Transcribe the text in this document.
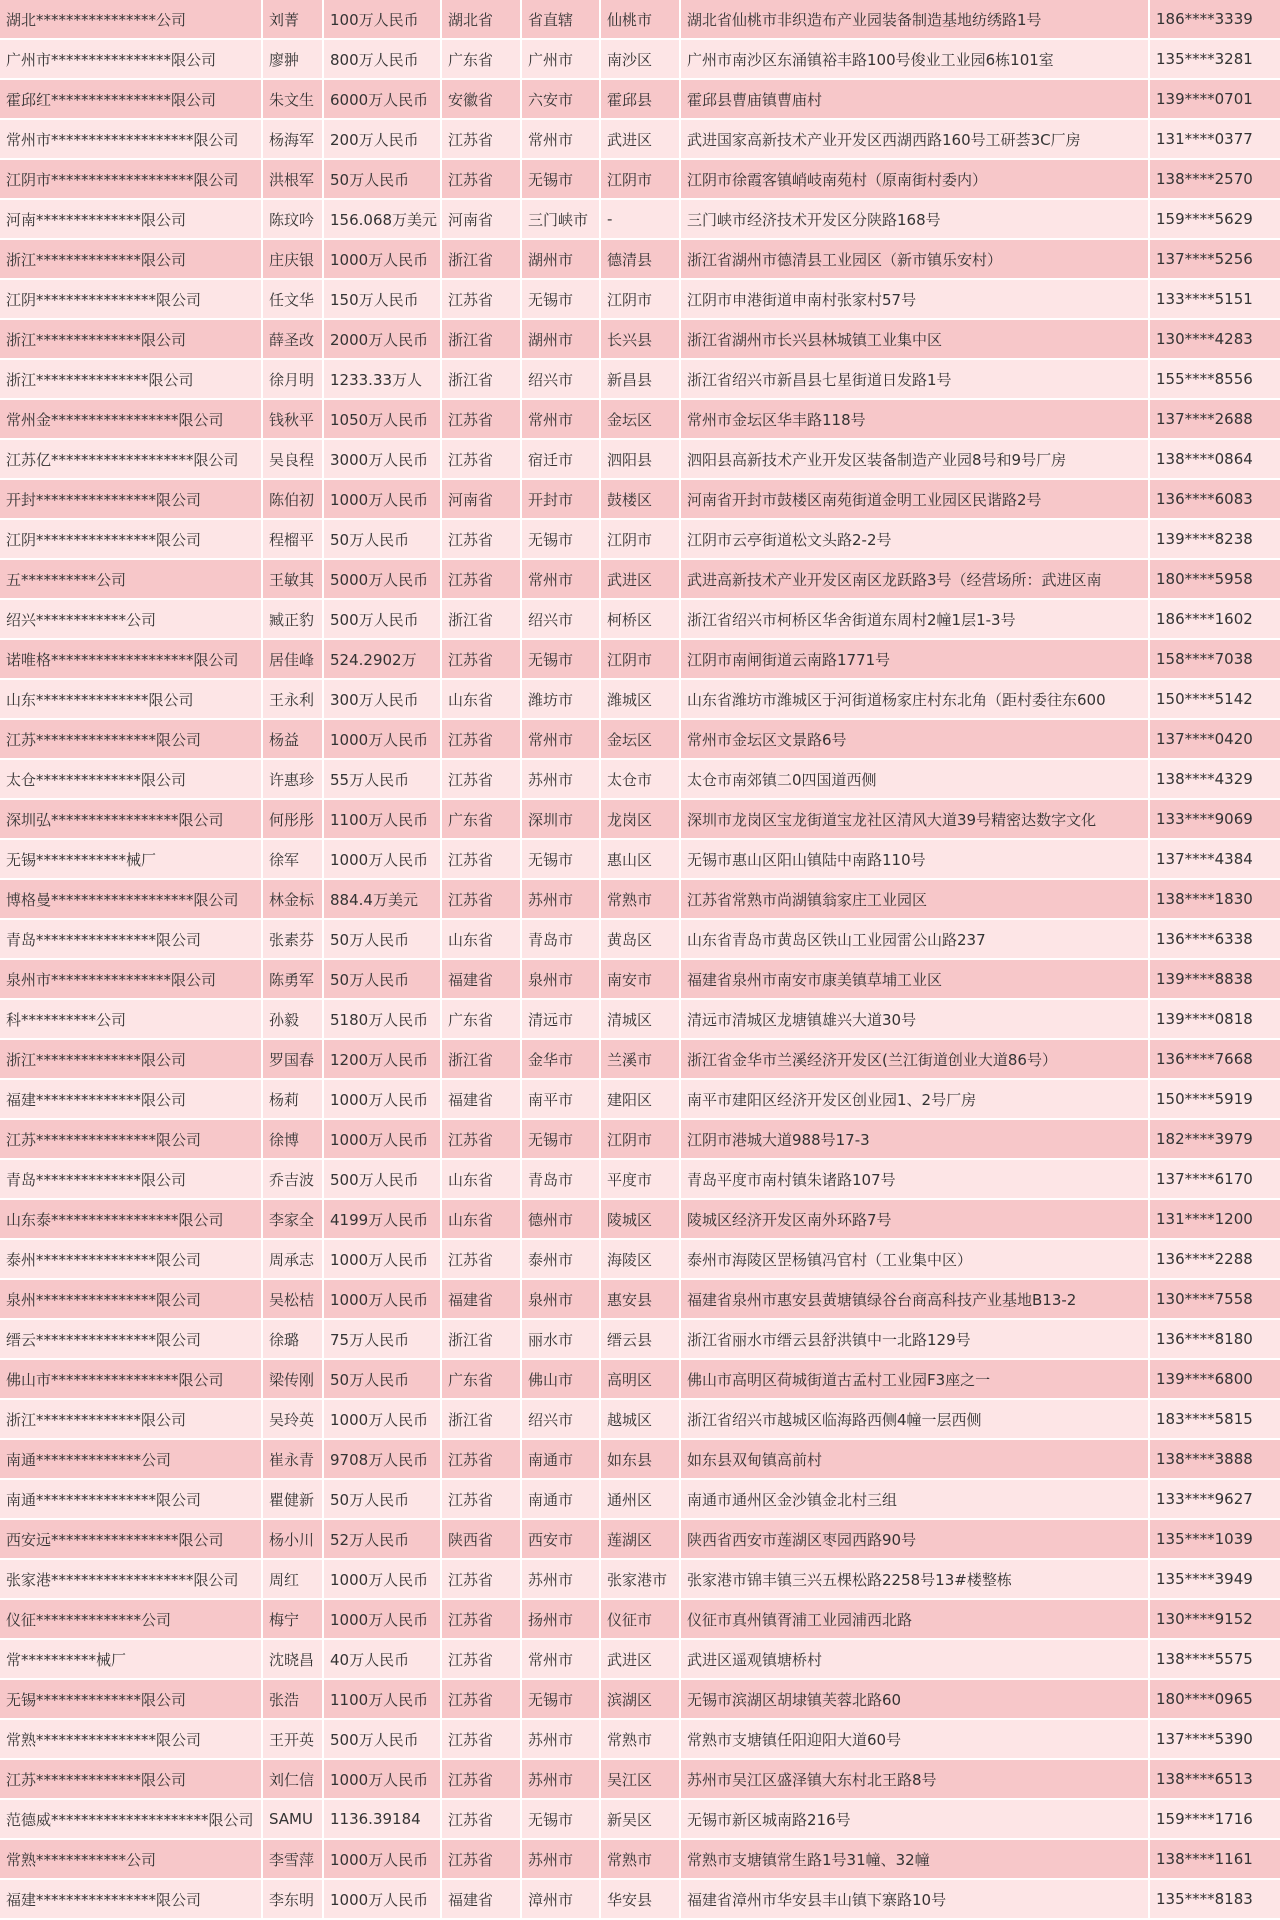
湖北****************公司	刘菁	100万人民币	湖北省	省直辖	仙桃市	湖北省仙桃市非织造布产业园装备制造基地纺绣路1号	186****3339
广州市****************限公司	廖翀	800万人民币	广东省	广州市	南沙区	广州市南沙区东涌镇裕丰路100号俊业工业园6栋101室	135****3281
霍邱红****************限公司	朱文生	6000万人民币	安徽省	六安市	霍邱县	霍邱县曹庙镇曹庙村	139****0701
常州市*******************限公司	杨海军	200万人民币	江苏省	常州市	武进区	武进国家高新技术产业开发区西湖西路160号工研荟3C厂房	131****0377
江阴市*******************限公司	洪根军	50万人民币	江苏省	无锡市	江阴市	江阴市徐霞客镇峭岐南苑村（原南街村委内）	138****2570
河南**************限公司	陈玟吟	156.068万美元	河南省	三门峡市	-	三门峡市经济技术开发区分陕路168号	159****5629
浙江**************限公司	庄庆银	1000万人民币	浙江省	湖州市	德清县	浙江省湖州市德清县工业园区（新市镇乐安村）	137****5256
江阴****************限公司	任文华	150万人民币	江苏省	无锡市	江阴市	江阴市申港街道申南村张家村57号	133****5151
浙江**************限公司	薛圣改	2000万人民币	浙江省	湖州市	长兴县	浙江省湖州市长兴县林城镇工业集中区	130****4283
浙江***************限公司	徐月明	1233.33万人	浙江省	绍兴市	新昌县	浙江省绍兴市新昌县七星街道日发路1号	155****8556
常州金*****************限公司	钱秋平	1050万人民币	江苏省	常州市	金坛区	常州市金坛区华丰路118号	137****2688
江苏亿*******************限公司	吴良程	3000万人民币	江苏省	宿迁市	泗阳县	泗阳县高新技术产业开发区装备制造产业园8号和9号厂房	138****0864
开封****************限公司	陈伯初	1000万人民币	河南省	开封市	鼓楼区	河南省开封市鼓楼区南苑街道金明工业园区民谐路2号	136****6083
江阴****************限公司	程榴平	50万人民币	江苏省	无锡市	江阴市	江阴市云亭街道松文头路2-2号	139****8238
五**********公司	王敏其	5000万人民币	江苏省	常州市	武进区	武进高新技术产业开发区南区龙跃路3号（经营场所：武进区南	180****5958
绍兴************公司	臧正豹	500万人民币	浙江省	绍兴市	柯桥区	浙江省绍兴市柯桥区华舍街道东周村2幢1层1-3号	186****1602
诺唯格*******************限公司	居佳峰	524.2902万	江苏省	无锡市	江阴市	江阴市南闸街道云南路1771号	158****7038
山东***************限公司	王永利	300万人民币	山东省	潍坊市	潍城区	山东省潍坊市潍城区于河街道杨家庄村东北角（距村委往东600	150****5142
江苏****************限公司	杨益	1000万人民币	江苏省	常州市	金坛区	常州市金坛区文景路6号	137****0420
太仓**************限公司	许惠珍	55万人民币	江苏省	苏州市	太仓市	太仓市南郊镇二0四国道西侧	138****4329
深圳弘*****************限公司	何彤彤	1100万人民币	广东省	深圳市	龙岗区	深圳市龙岗区宝龙街道宝龙社区清风大道39号精密达数字文化	133****9069
无锡************械厂	徐军	1000万人民币	江苏省	无锡市	惠山区	无锡市惠山区阳山镇陆中南路110号	137****4384
博格曼*******************限公司	林金标	884.4万美元	江苏省	苏州市	常熟市	江苏省常熟市尚湖镇翁家庄工业园区	138****1830
青岛****************限公司	张素芬	50万人民币	山东省	青岛市	黄岛区	山东省青岛市黄岛区铁山工业园雷公山路237	136****6338
泉州市****************限公司	陈勇军	50万人民币	福建省	泉州市	南安市	福建省泉州市南安市康美镇草埔工业区	139****8838
科**********公司	孙毅	5180万人民币	广东省	清远市	清城区	清远市清城区龙塘镇雄兴大道30号	139****0818
浙江**************限公司	罗国春	1200万人民币	浙江省	金华市	兰溪市	浙江省金华市兰溪经济开发区(兰江街道创业大道86号）	136****7668
福建**************限公司	杨莉	1000万人民币	福建省	南平市	建阳区	南平市建阳区经济开发区创业园1、2号厂房	150****5919
江苏****************限公司	徐博	1000万人民币	江苏省	无锡市	江阴市	江阴市港城大道988号17-3	182****3979
青岛**************限公司	乔吉波	500万人民币	山东省	青岛市	平度市	青岛平度市南村镇朱诸路107号	137****6170
山东泰*****************限公司	李家全	4199万人民币	山东省	德州市	陵城区	陵城区经济开发区南外环路7号	131****1200
泰州****************限公司	周承志	1000万人民币	江苏省	泰州市	海陵区	泰州市海陵区罡杨镇冯官村（工业集中区）	136****2288
泉州****************限公司	吴松桔	1000万人民币	福建省	泉州市	惠安县	福建省泉州市惠安县黄塘镇绿谷台商高科技产业基地B13-2	130****7558
缙云****************限公司	徐璐	75万人民币	浙江省	丽水市	缙云县	浙江省丽水市缙云县舒洪镇中一北路129号	136****8180
佛山市*****************限公司	梁传刚	50万人民币	广东省	佛山市	高明区	佛山市高明区荷城街道古孟村工业园F3座之一	139****6800
浙江**************限公司	吴玲英	1000万人民币	浙江省	绍兴市	越城区	浙江省绍兴市越城区临海路西侧4幢一层西侧	183****5815
南通**************公司	崔永青	9708万人民币	江苏省	南通市	如东县	如东县双甸镇高前村	138****3888
南通****************限公司	瞿健新	50万人民币	江苏省	南通市	通州区	南通市通州区金沙镇金北村三组	133****9627
西安远*****************限公司	杨小川	52万人民币	陕西省	西安市	莲湖区	陕西省西安市莲湖区枣园西路90号	135****1039
张家港*******************限公司	周红	1000万人民币	江苏省	苏州市	张家港市	张家港市锦丰镇三兴五棵松路2258号13#楼整栋	135****3949
仪征**************公司	梅宁	1000万人民币	江苏省	扬州市	仪征市	仪征市真州镇胥浦工业园浦西北路	130****9152
常**********械厂	沈晓昌	40万人民币	江苏省	常州市	武进区	武进区遥观镇塘桥村	138****5575
无锡**************限公司	张浩	1100万人民币	江苏省	无锡市	滨湖区	无锡市滨湖区胡埭镇芙蓉北路60	180****0965
常熟****************限公司	王开英	500万人民币	江苏省	苏州市	常熟市	常熟市支塘镇任阳迎阳大道60号	137****5390
江苏**************限公司	刘仁信	1000万人民币	江苏省	苏州市	吴江区	苏州市吴江区盛泽镇大东村北王路8号	138****6513
范德威*********************限公司	SAMU	1136.39184	江苏省	无锡市	新吴区	无锡市新区城南路216号	159****1716
常熟************公司	李雪萍	1000万人民币	江苏省	苏州市	常熟市	常熟市支塘镇常生路1号31幢、32幢	138****1161
福建****************限公司	李东明	1000万人民币	福建省	漳州市	华安县	福建省漳州市华安县丰山镇下寨路10号	135****8183
